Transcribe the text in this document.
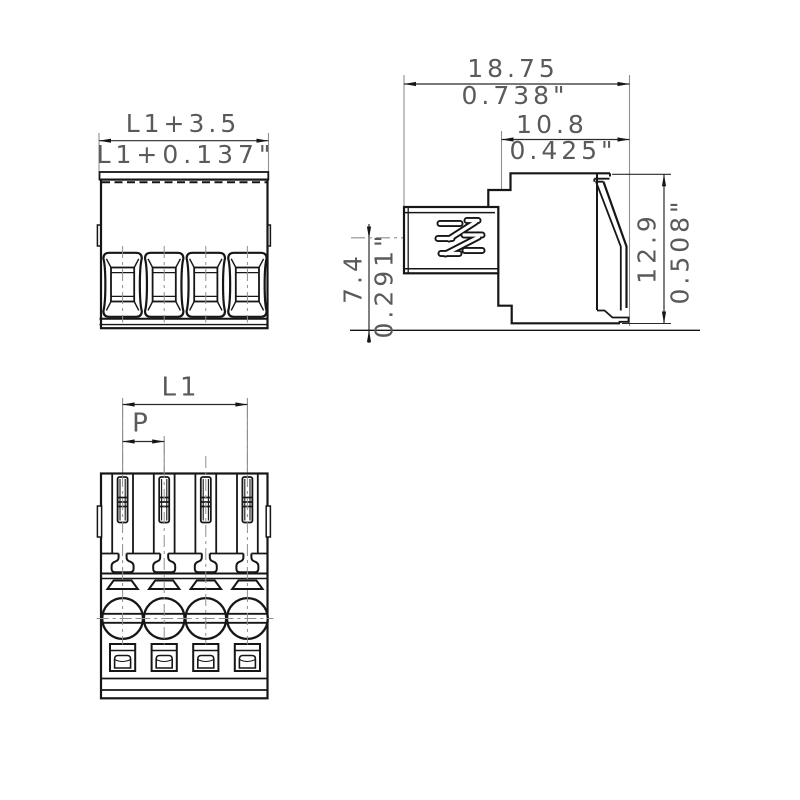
L1+3.5
L1+0.137"
18.75
0.738"
10.8
0.425"
12.9 0.508"
7.4 0.291"
L1
P
